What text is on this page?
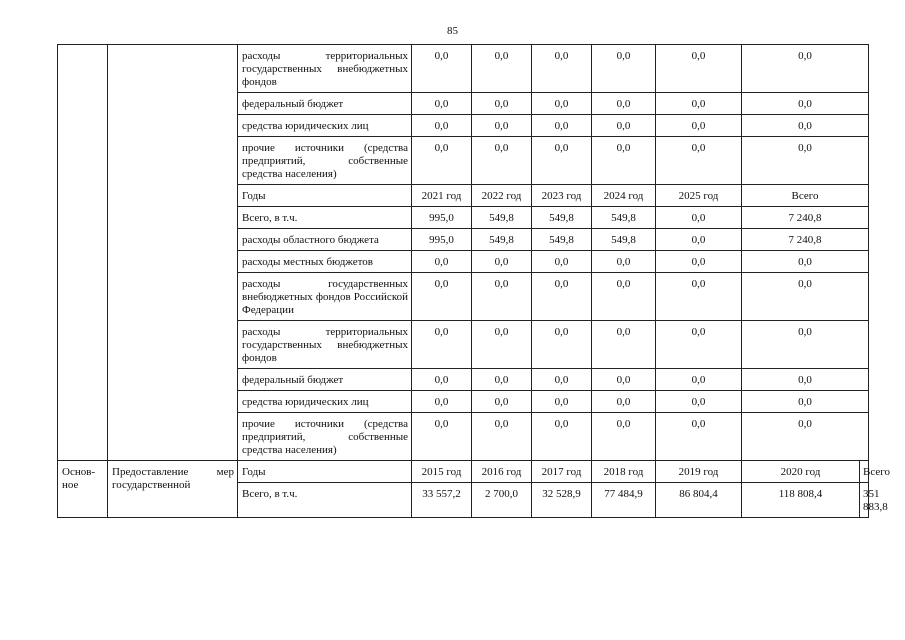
85
		расходы территориальных государственных внебюджетных фондов	0,0	0,0	0,0	0,0	0,0	0,0	
		федеральный бюджет	0,0	0,0	0,0	0,0	0,0	0,0	
		средства юридических лиц	0,0	0,0	0,0	0,0	0,0	0,0	
		прочие источники (средства предприятий, собственные средства населения)	0,0	0,0	0,0	0,0	0,0	0,0	
		Годы	2021 год	2022 год	2023 год	2024 год	2025 год	Всего	
		Всего, в т.ч.	995,0	549,8	549,8	549,8	0,0	7 240,8	
		расходы областного бюджета	995,0	549,8	549,8	549,8	0,0	7 240,8	
		расходы местных бюджетов	0,0	0,0	0,0	0,0	0,0	0,0	
		расходы государственных внебюджетных фондов Российской Федерации	0,0	0,0	0,0	0,0	0,0	0,0	
		расходы территориальных государственных внебюджетных фондов	0,0	0,0	0,0	0,0	0,0	0,0	
		федеральный бюджет	0,0	0,0	0,0	0,0	0,0	0,0	
		средства юридических лиц	0,0	0,0	0,0	0,0	0,0	0,0	
		прочие источники (средства предприятий, собственные средства населения)	0,0	0,0	0,0	0,0	0,0	0,0	
Основ-ное	Предоставление мер государственной	Годы	2015 год	2016 год	2017 год	2018 год	2019 год	2020 год	Всего
		Всего, в т.ч.	33 557,2	2 700,0	32 528,9	77 484,9	86 804,4	118 808,4	351 883,8
